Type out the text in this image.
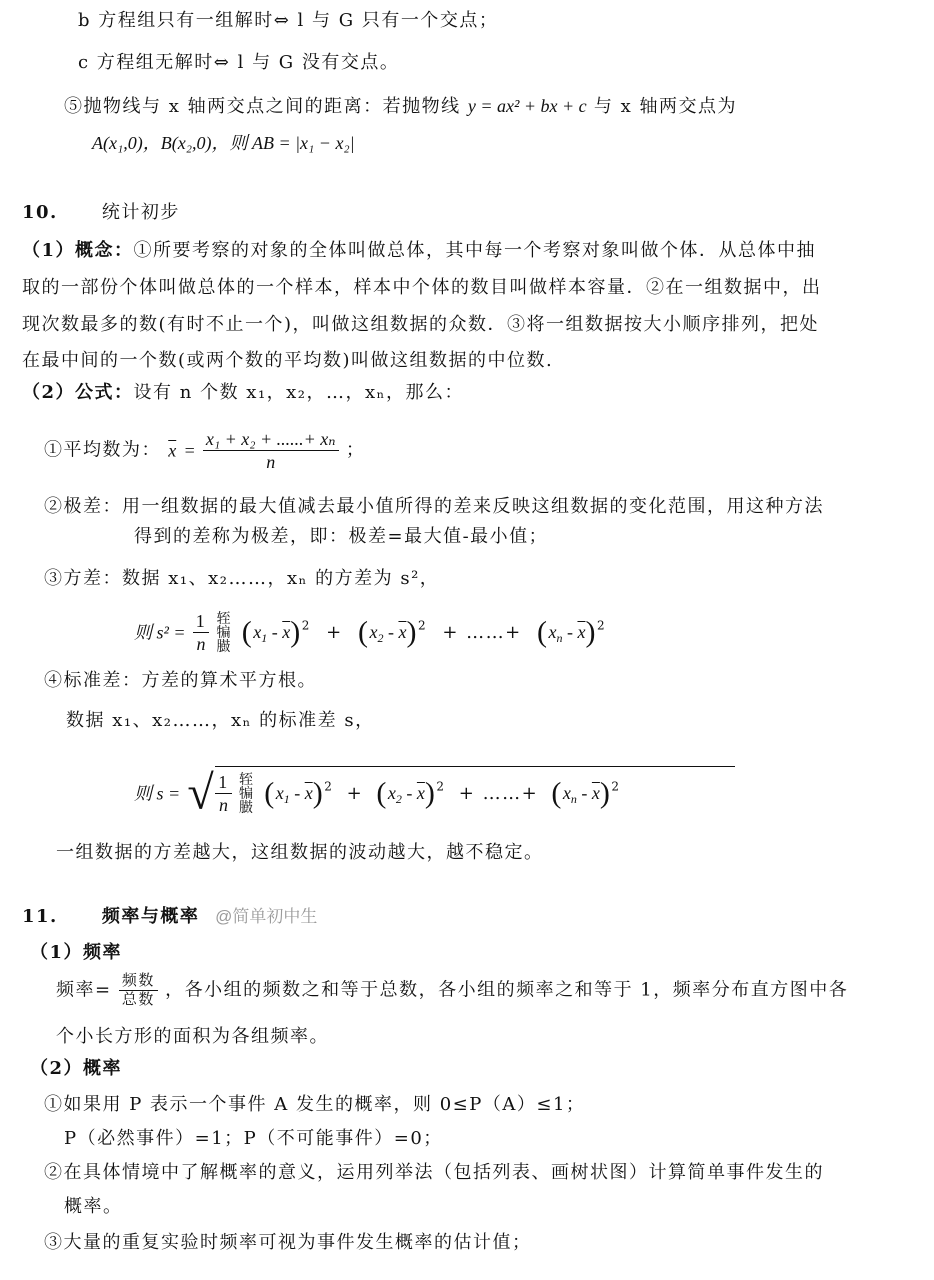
b 方程组只有一组解时⇔ l 与 G 只有一个交点；
c 方程组无解时⇔ l 与 G 没有交点。
⑤抛物线与 x 轴两交点之间的距离：若抛物线 y = ax² + bx + c 与 x 轴两交点为
A(x₁,0)，B(x₂,0)，则 AB = |x₁ − x₂|
10. 统计初步
（1）概念：①所要考察的对象的全体叫做总体，其中每一个考察对象叫做个体．从总体中抽
取的一部份个体叫做总体的一个样本，样本中个体的数目叫做样本容量．②在一组数据中，出
现次数最多的数(有时不止一个)，叫做这组数据的众数．③将一组数据按大小顺序排列，把处
在最中间的一个数(或两个数的平均数)叫做这组数据的中位数.
（2）公式：设有 n 个数 x₁，x₂，…，xₙ，那么：
①平均数为： $\overline{x} = \frac{\text{x₁ + x₂ + ......+ xₙ}}{n}$ ；
②极差：用一组数据的最大值减去最小值所得的差来反映这组数据的变化范围，用这种方法
得到的差称为极差，即：极差=最大值-最小值；
③方差：数据 x₁、x₂……，xₙ 的方差为 s²，
则 $s^2 = \frac{1}{n}$ 轾
犏
臌 $(x_1 - \overline{x})^2 + (x_2 - \overline{x})^2$ + ……+ $(x_n - \overline{x})^2$
④标准差：方差的算术平方根。
数据 x₁、x₂……，xₙ 的标准差 s，
则 s = √ $\frac{1}{n}$ 轾
犏
臌 $(x_1 - \overline{x})^2 + (x_2 - \overline{x})^2$ + ……+ $(x_n - \overline{x})^2$
一组数据的方差越大，这组数据的波动越大，越不稳定。
11. 频率与概率 @简单初中生
（1）频率
频率= $\frac{\text{频数}}{\text{总数}}$ ，各小组的频数之和等于总数，各小组的频率之和等于 1，频率分布直方图中各
个小长方形的面积为各组频率。
（2）概率
①如果用 P 表示一个事件 A 发生的概率，则 0≤P（A）≤1；
P（必然事件）=1；P（不可能事件）=0；
②在具体情境中了解概率的意义，运用列举法（包括列表、画树状图）计算简单事件发生的
概率。
③大量的重复实验时频率可视为事件发生概率的估计值；
